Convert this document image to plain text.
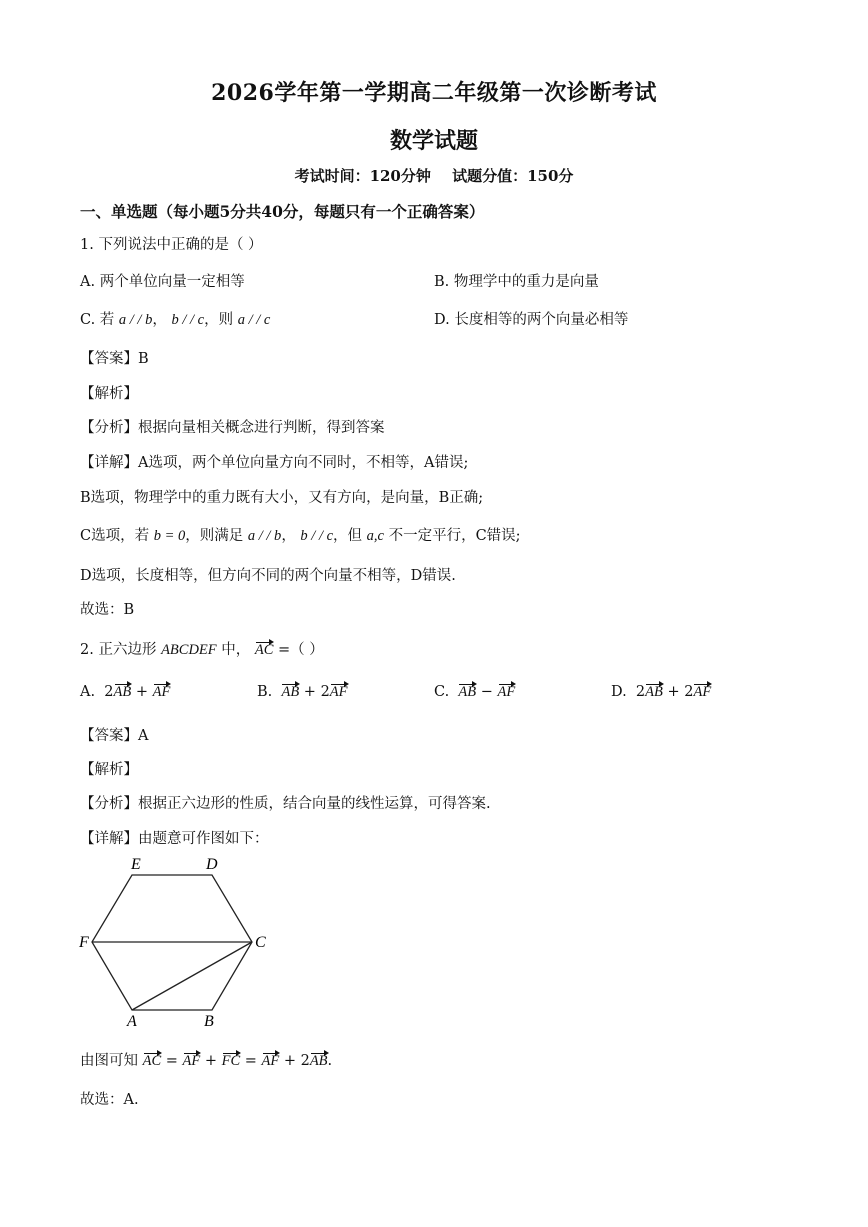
2026学年第一学期高二年级第一次诊断考试
数学试题
考试时间：120分钟 试题分值：150分
一、单选题（每小题5分共40分，每题只有一个正确答案）
1. 下列说法中正确的是（ ）
A. 两个单位向量一定相等	B. 物理学中的重力是向量
C. 若 a / / b， b / / c，则 a / / c	D. 长度相等的两个向量必相等
【答案】B
【解析】
【分析】根据向量相关概念进行判断，得到答案
【详解】A选项，两个单位向量方向不同时，不相等，A错误;
B选项，物理学中的重力既有大小，又有方向，是向量，B正确;
C选项，若 b = 0，则满足 a / / b， b / / c，但 a,c 不一定平行，C错误;
D选项，长度相等，但方向不同的两个向量不相等，D错误.
故选：B
2. 正六边形 ABCDEF 中， AC =（ ）
A.  2AB + AF	B. AB + 2AF	C. AB − AF	D.  2AB + 2AF
【答案】A
【解析】
【分析】根据正六边形的性质，结合向量的线性运算，可得答案.
【详解】由题意可作图如下：
E	D
F	C
A	B
由图可知 AC = AF + FC = AF + 2AB.
故选：A.
